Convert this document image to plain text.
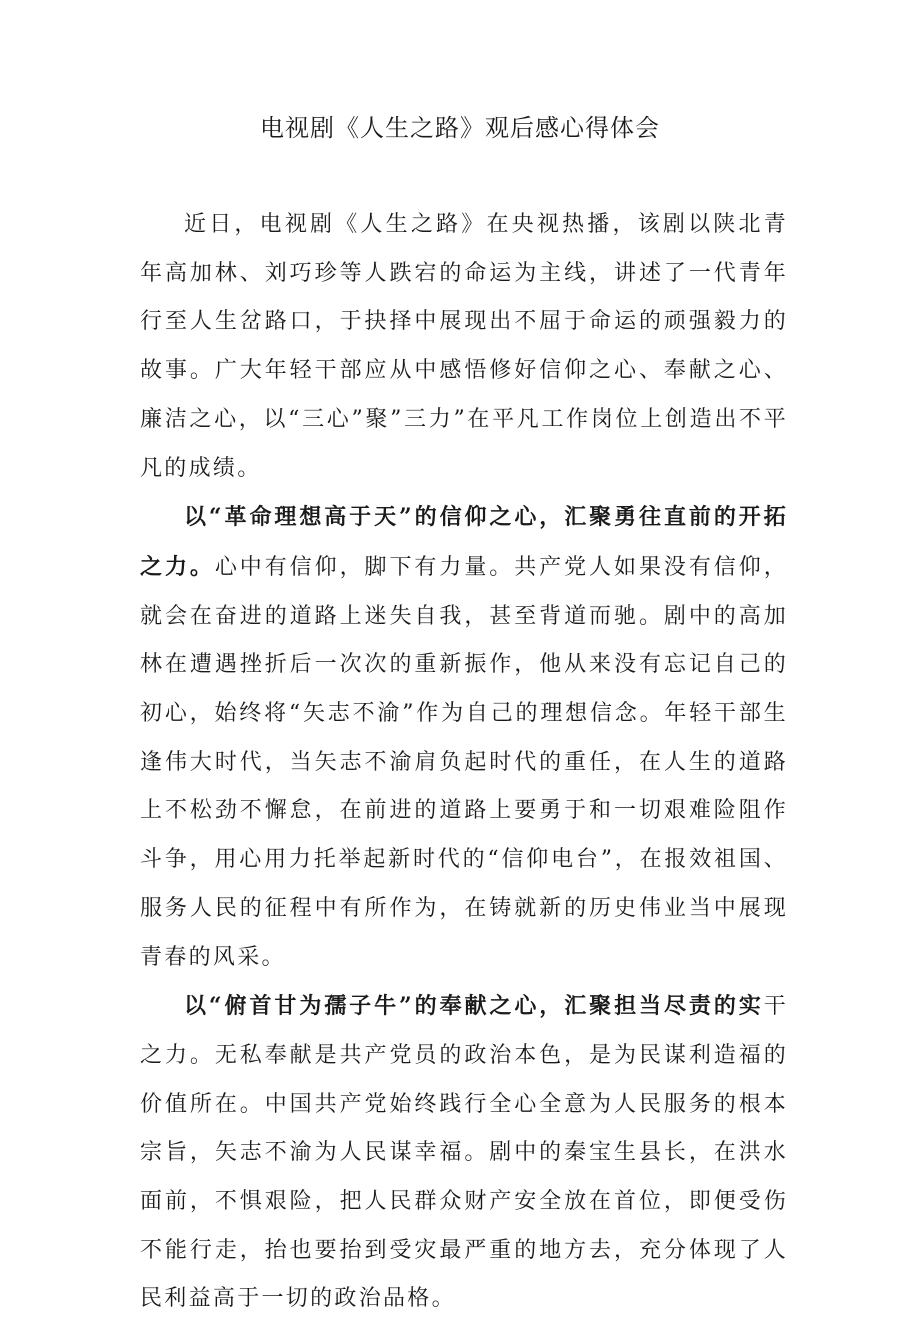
电视剧《人生之路》观后感心得体会

近日，电视剧《人生之路》在央视热播，该剧以陕北青年高加林、刘巧珍等人跌宕的命运为主线，讲述了一代青年行至人生岔路口，于抉择中展现出不屈于命运的顽强毅力的故事。广大年轻干部应从中感悟修好信仰之心、奉献之心、廉洁之心，以“三心”聚”三力”在平凡工作岗位上创造出不平凡的成绩。

以“革命理想高于天”的信仰之心，汇聚勇往直前的开拓之力。心中有信仰，脚下有力量。共产党人如果没有信仰，就会在奋进的道路上迷失自我，甚至背道而驰。剧中的高加林在遭遇挫折后一次次的重新振作，他从来没有忘记自己的初心，始终将“矢志不渝”作为自己的理想信念。年轻干部生逢伟大时代，当矢志不渝肩负起时代的重任，在人生的道路上不松劲不懈怠，在前进的道路上要勇于和一切艰难险阻作斗争，用心用力托举起新时代的“信仰电台”，在报效祖国、服务人民的征程中有所作为，在铸就新的历史伟业当中展现青春的风采。

以“俯首甘为孺子牛”的奉献之心，汇聚担当尽责的实干之力。无私奉献是共产党员的政治本色，是为民谋利造福的价值所在。中国共产党始终践行全心全意为人民服务的根本宗旨，矢志不渝为人民谋幸福。剧中的秦宝生县长，在洪水面前，不惧艰险，把人民群众财产安全放在首位，即便受伤不能行走，抬也要抬到受灾最严重的地方去，充分体现了人民利益高于一切的政治品格。
